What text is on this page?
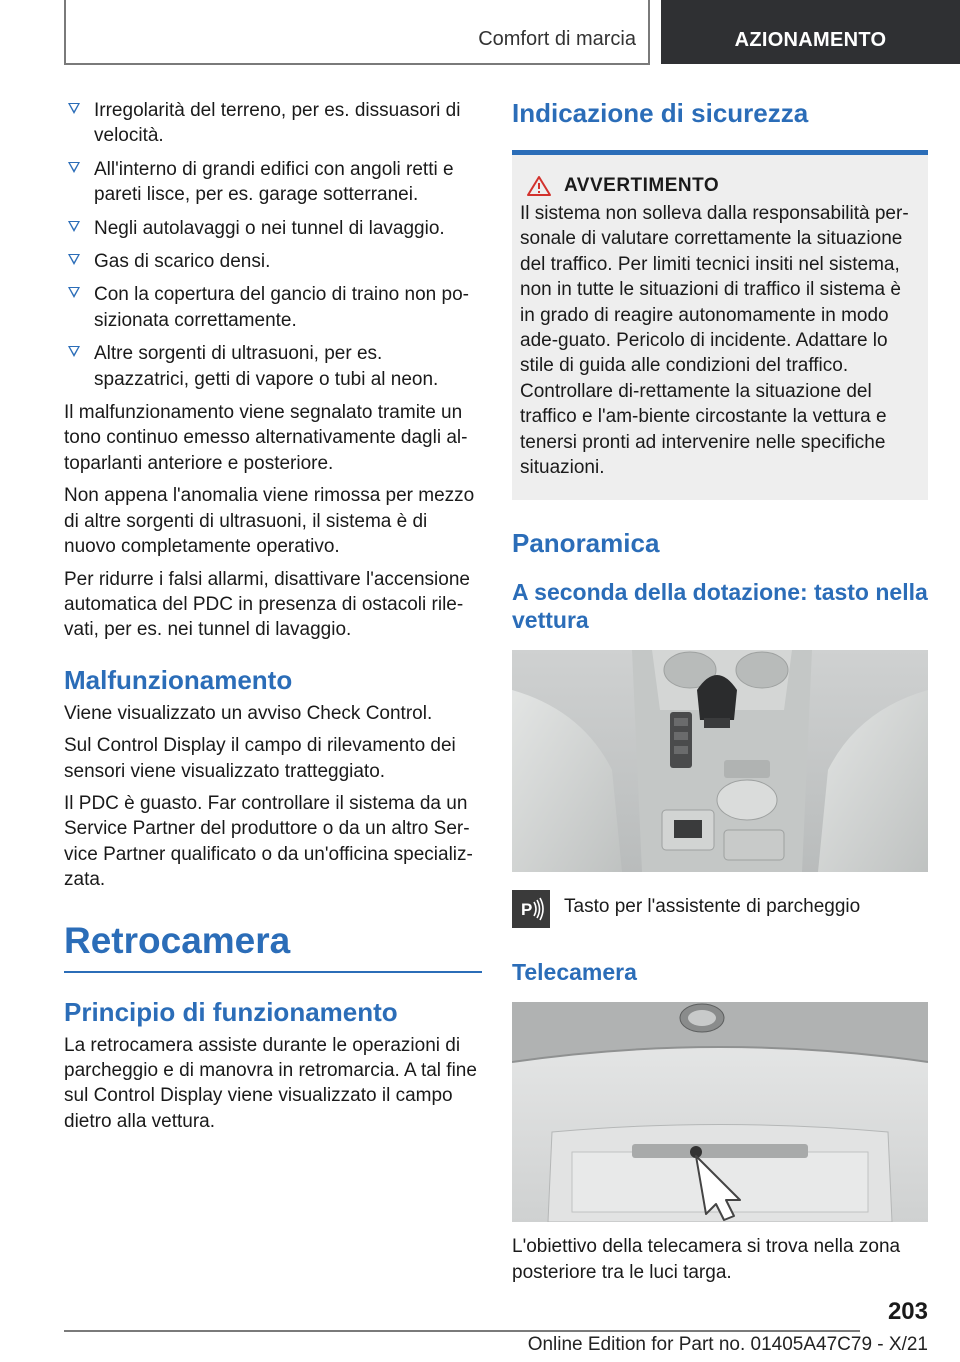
Comfort di marcia	AZIONAMENTO
Irregolarità del terreno, per es. dissuasori di velocità.
All'interno di grandi edifici con angoli retti e pareti lisce, per es. garage sotterranei.
Negli autolavaggi o nei tunnel di lavaggio.
Gas di scarico densi.
Con la copertura del gancio di traino non po-sizionata correttamente.
Altre sorgenti di ultrasuoni, per es. spazzatrici, getti di vapore o tubi al neon.

Il malfunzionamento viene segnalato tramite un tono continuo emesso alternativamente dagli al-toparlanti anteriore e posteriore.

Non appena l'anomalia viene rimossa per mezzo di altre sorgenti di ultrasuoni, il sistema è di nuovo completamente operativo.

Per ridurre i falsi allarmi, disattivare l'accensione automatica del PDC in presenza di ostacoli rile-vati, per es. nei tunnel di lavaggio.

Malfunzionamento

Viene visualizzato un avviso Check Control.

Sul Control Display il campo di rilevamento dei sensori viene visualizzato tratteggiato.

Il PDC è guasto. Far controllare il sistema da un Service Partner del produttore o da un altro Ser-vice Partner qualificato o da un'officina specializ-zata.

Retrocamera
Principio di funzionamento

La retrocamera assiste durante le operazioni di parcheggio e di manovra in retromarcia. A tal fine sul Control Display viene visualizzato il campo dietro alla vettura.

Indicazione di sicurezza
AVVERTIMENTO

Il sistema non solleva dalla responsabilità per-sonale di valutare correttamente la situazione del traffico. Per limiti tecnici insiti nel sistema, non in tutte le situazioni di traffico il sistema è in grado di reagire autonomamente in modo ade-guato. Pericolo di incidente. Adattare lo stile di guida alle condizioni del traffico. Controllare di-rettamente la situazione del traffico e l'am-biente circostante la vettura e tenersi pronti ad intervenire nelle specifiche situazioni.

Panoramica
A seconda della dotazione: tasto nella vettura
P Tasto per l'assistente di parcheggio
Telecamera

L'obiettivo della telecamera si trova nella zona posteriore tra le luci targa.

203
Online Edition for Part no. 01405A47C79 - X/21
